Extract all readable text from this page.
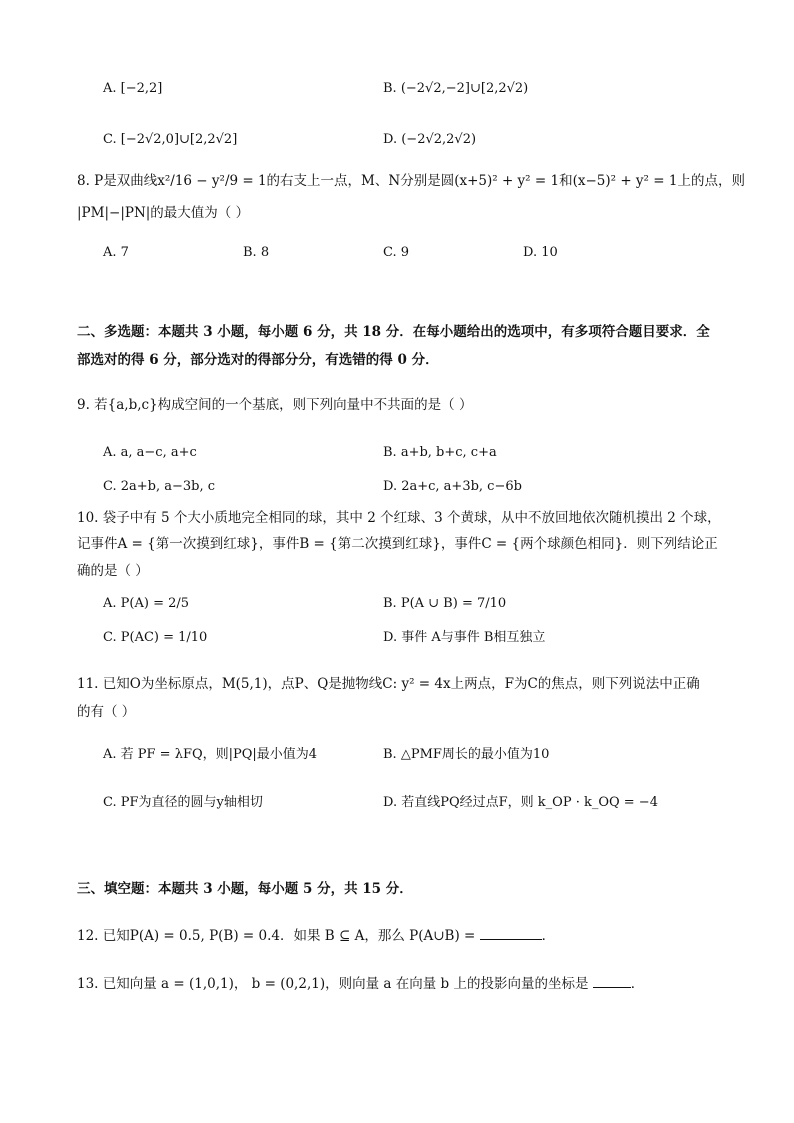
A. [−2,2]	B. (−2√2,−2]∪[2,2√2)
C. [−2√2,0]∪[2,2√2]	D. (−2√2,2√2)
8. P是双曲线x²/16 − y²/9 = 1的右支上一点，M、N分别是圆(x+5)² + y² = 1和(x−5)² + y² = 1上的点，则
|PM|−|PN|的最大值为（ ）
A. 7	B. 8	C. 9	D. 10
二、多选题：本题共 3 小题，每小题 6 分，共 18 分．在每小题给出的选项中，有多项符合题目要求．全
部选对的得 6 分，部分选对的得部分分，有选错的得 0 分．
9. 若{a,b,c}构成空间的一个基底，则下列向量中不共面的是（ ）
A. a, a−c, a+c	B. a+b, b+c, c+a
C. 2a+b, a−3b, c	D. 2a+c, a+3b, c−6b
10. 袋子中有 5 个大小质地完全相同的球，其中 2 个红球、3 个黄球，从中不放回地依次随机摸出 2 个球，
记事件A = {第一次摸到红球}，事件B = {第二次摸到红球}，事件C = {两个球颜色相同}．则下列结论正
确的是（ ）
A. P(A) = 2/5	B. P(A ∪ B) = 7/10
C. P(AC) = 1/10	D. 事件 A与事件 B相互独立
11. 已知O为坐标原点，M(5,1)，点P、Q是抛物线C: y² = 4x上两点，F为C的焦点，则下列说法中正确
的有（ ）
A. 若 PF = λFQ，则|PQ|最小值为4	B. △PMF周长的最小值为10
C. PF为直径的圆与y轴相切	D. 若直线PQ经过点F，则 k_OP · k_OQ = −4
三、填空题：本题共 3 小题，每小题 5 分，共 15 分．
12. 已知P(A) = 0.5, P(B) = 0.4．如果 B ⊆ A，那么 P(A∪B) =	．
13. 已知向量 a = (1,0,1)， b = (0,2,1)，则向量 a 在向量 b 上的投影向量的坐标是	．
